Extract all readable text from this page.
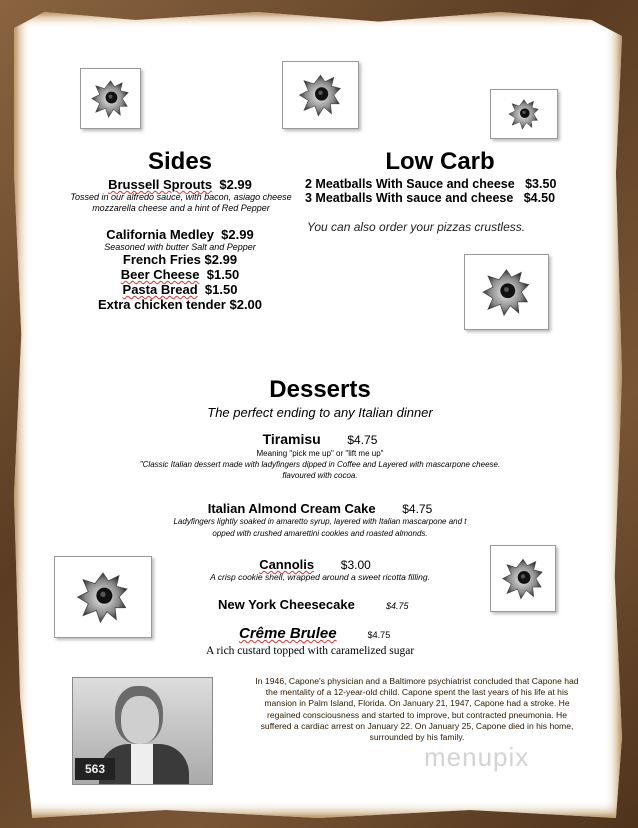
Sides
Brussell Sprouts $2.99
Tossed in our alfredo sauce, with bacon, asiago cheese mozzarella cheese and a hint of Red Pepper
California Medley $2.99
Seasoned with butter Salt and Pepper
French Fries $2.99
Beer Cheese $1.50
Pasta Bread $1.50
Extra chicken tender $2.00
Low Carb
2 Meatballs With Sauce and cheese $3.50
3 Meatballs With sauce and cheese $4.50
You can also order your pizzas crustless.
Desserts
The perfect ending to any Italian dinner
Tiramisu $4.75
Meaning "pick me up" or "lift me up"
"Classic Italian dessert made with ladyfingers dipped in Coffee and Layered with mascarpone cheese.
flavoured with cocoa.
Italian Almond Cream Cake $4.75
Ladyfingers lightly soaked in amaretto syrup, layered with Italian mascarpone and t
opped with crushed amarettini cookies and roasted almonds.
Cannolis $3.00
A crisp cookie shell, wrapped around a sweet ricotta filling.
New York Cheesecake	$4.75
Crême Brulee	$4.75
A rich custard topped with caramelized sugar
563
In 1946, Capone's physician and a Baltimore psychiatrist concluded that Capone had the mentality of a 12-year-old child. Capone spent the last years of his life at his mansion in Palm Island, Florida. On January 21, 1947, Capone had a stroke. He regained consciousness and started to improve, but contracted pneumonia. He suffered a cardiac arrest on January 22. On January 25, Capone died in his home, surrounded by his family.
menupix
